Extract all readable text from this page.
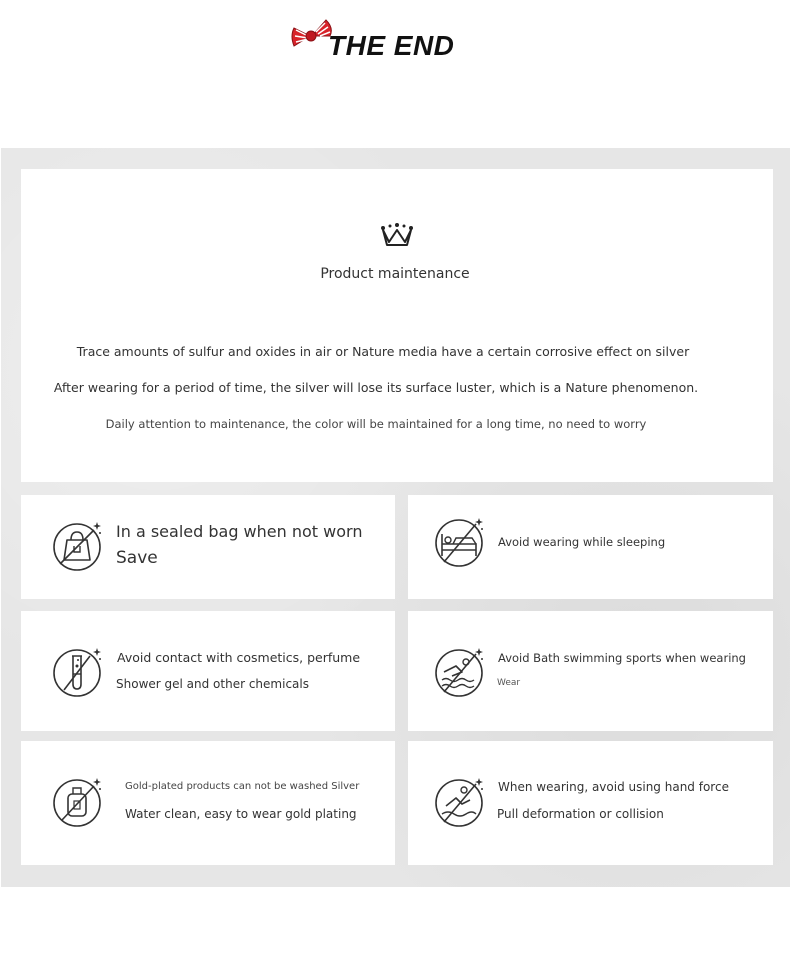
THE END
Product maintenance
Trace amounts of sulfur and oxides in air or Nature media have a certain corrosive effect on silver
After wearing for a period of time, the silver will lose its surface luster, which is a Nature phenomenon.
Daily attention to maintenance, the color will be maintained for a long time, no need to worry
In a sealed bag when not worn
Save
Avoid wearing while sleeping
Avoid contact with cosmetics, perfume
Shower gel and other chemicals
Avoid Bath swimming sports when wearing
Wear
Gold-plated products can not be washed Silver
Water clean, easy to wear gold plating
When wearing, avoid using hand force
Pull deformation or collision
